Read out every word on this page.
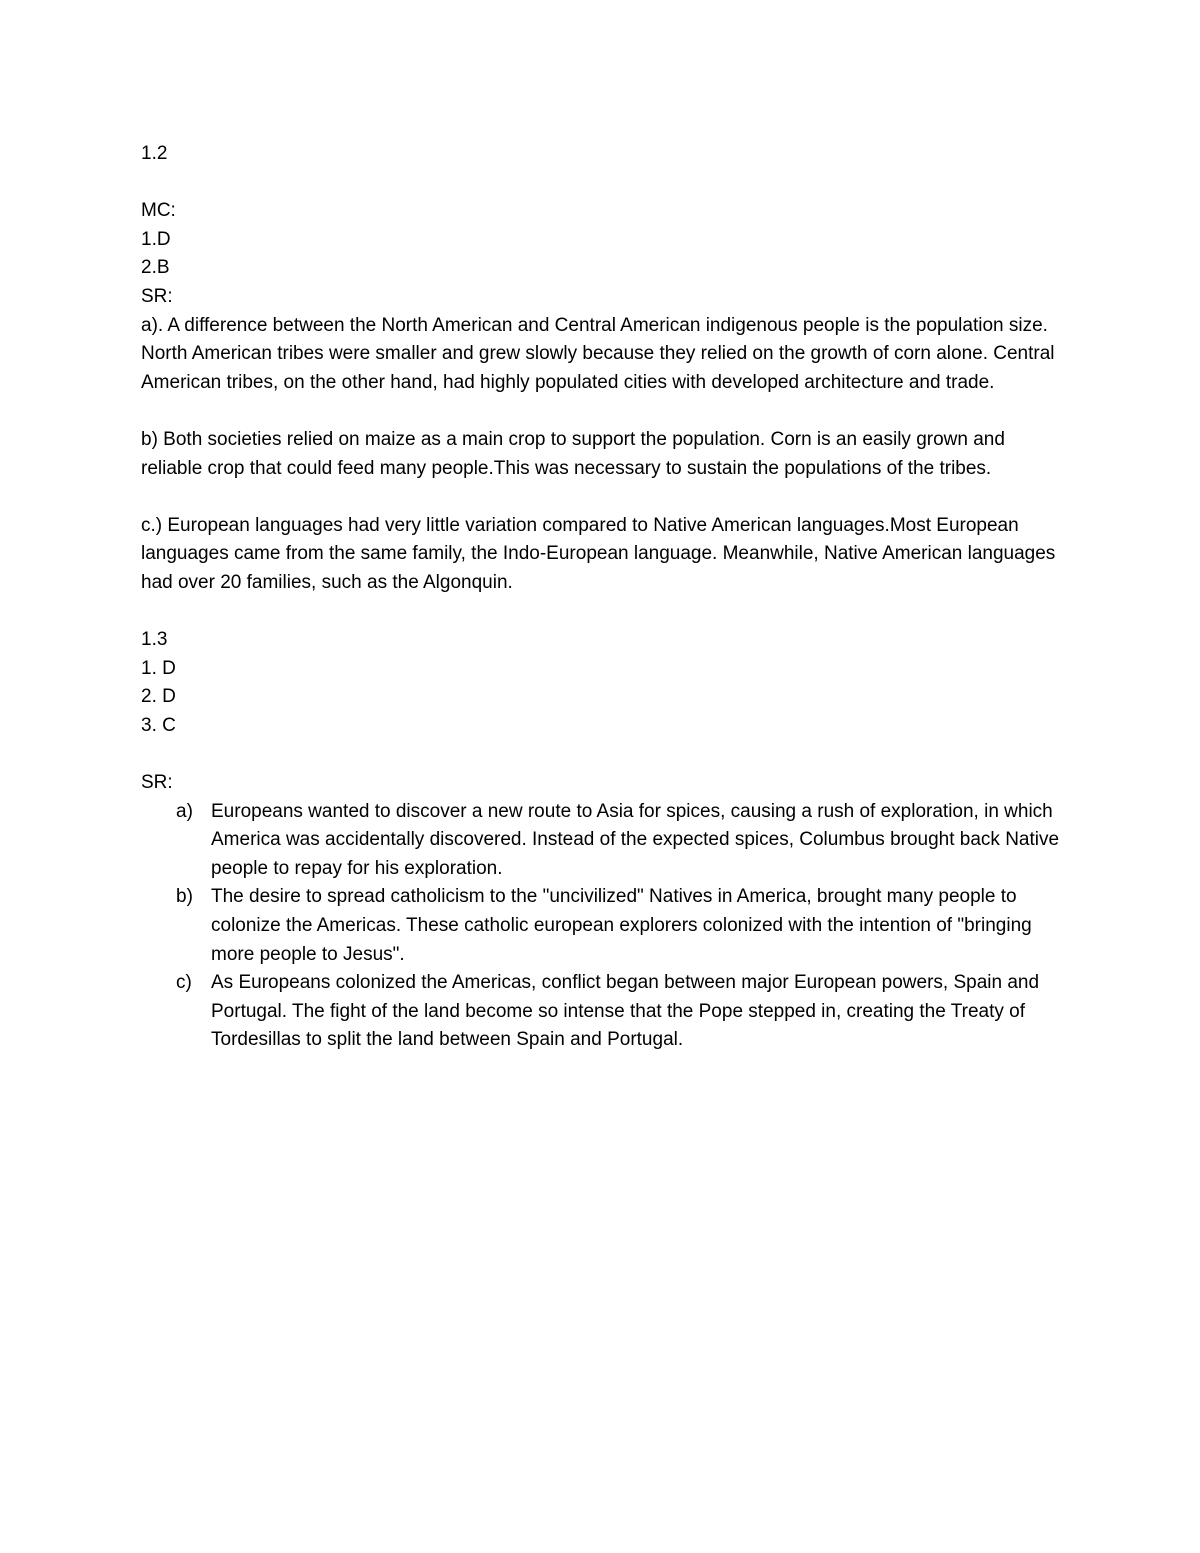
1.2
MC:
1.D
2.B
SR:

a). A difference between the North American and Central American indigenous people is the population size. North American tribes were smaller and grew slowly because they relied on the growth of corn alone. Central American tribes, on the other hand, had highly populated cities with developed architecture and trade.

b) Both societies relied on maize as a main crop to support the population. Corn is an easily grown and reliable crop that could feed many people.This was necessary to sustain the populations of the tribes.

c.) European languages had very little variation compared to Native American languages.Most European languages came from the same family, the Indo-European language. Meanwhile, Native American languages had over 20 families, such as the Algonquin.

1.3
1. D
2. D
3. C
SR:
a) Europeans wanted to discover a new route to Asia for spices, causing a rush of exploration, in which America was accidentally discovered. Instead of the expected spices, Columbus brought back Native people to repay for his exploration.
b) The desire to spread catholicism to the "uncivilized" Natives in America, brought many people to colonize the Americas. These catholic european explorers colonized with the intention of "bringing more people to Jesus".
c) As Europeans colonized the Americas, conflict began between major European powers, Spain and Portugal. The fight of the land become so intense that the Pope stepped in, creating the Treaty of Tordesillas to split the land between Spain and Portugal.
